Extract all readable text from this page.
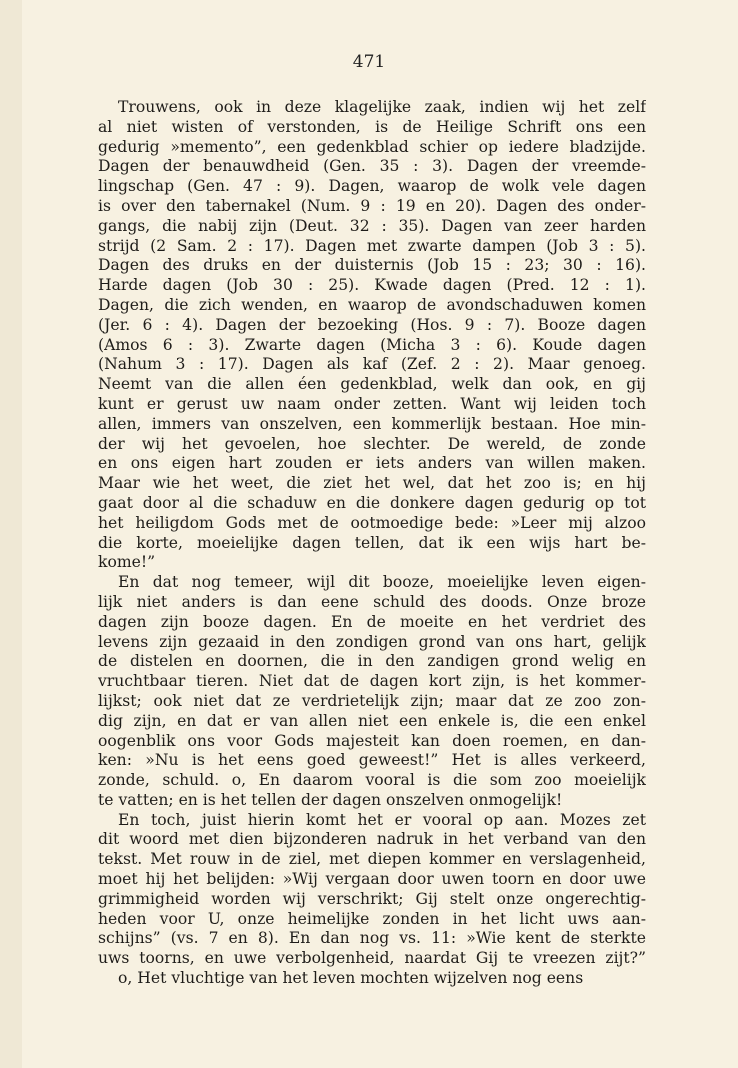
471
Trouwens, ook in deze klagelijke zaak, indien wij het zelf
al niet wisten of verstonden, is de Heilige Schrift ons een
gedurig »memento”, een gedenkblad schier op iedere bladzijde.
Dagen der benauwdheid (Gen. 35 : 3). Dagen der vreemde-
lingschap (Gen. 47 : 9). Dagen, waarop de wolk vele dagen
is over den tabernakel (Num. 9 : 19 en 20). Dagen des onder-
gangs, die nabij zijn (Deut. 32 : 35). Dagen van zeer harden
strijd (2 Sam. 2 : 17). Dagen met zwarte dampen (Job 3 : 5).
Dagen des druks en der duisternis (Job 15 : 23; 30 : 16).
Harde dagen (Job 30 : 25). Kwade dagen (Pred. 12 : 1).
Dagen, die zich wenden, en waarop de avondschaduwen komen
(Jer. 6 : 4). Dagen der bezoeking (Hos. 9 : 7). Booze dagen
(Amos 6 : 3). Zwarte dagen (Micha 3 : 6). Koude dagen
(Nahum 3 : 17). Dagen als kaf (Zef. 2 : 2). Maar genoeg.
Neemt van die allen éen gedenkblad, welk dan ook, en gij
kunt er gerust uw naam onder zetten. Want wij leiden toch
allen, immers van onszelven, een kommerlijk bestaan. Hoe min-
der wij het gevoelen, hoe slechter. De wereld, de zonde
en ons eigen hart zouden er iets anders van willen maken.
Maar wie het weet, die ziet het wel, dat het zoo is; en hij
gaat door al die schaduw en die donkere dagen gedurig op tot
het heiligdom Gods met de ootmoedige bede: »Leer mij alzoo
die korte, moeielijke dagen tellen, dat ik een wijs hart be-
kome!”
En dat nog temeer, wijl dit booze, moeielijke leven eigen-
lijk niet anders is dan eene schuld des doods. Onze broze
dagen zijn booze dagen. En de moeite en het verdriet des
levens zijn gezaaid in den zondigen grond van ons hart, gelijk
de distelen en doornen, die in den zandigen grond welig en
vruchtbaar tieren. Niet dat de dagen kort zijn, is het kommer-
lijkst; ook niet dat ze verdrietelijk zijn; maar dat ze zoo zon-
dig zijn, en dat er van allen niet een enkele is, die een enkel
oogenblik ons voor Gods majesteit kan doen roemen, en dan-
ken: »Nu is het eens goed geweest!” Het is alles verkeerd,
zonde, schuld. o, En daarom vooral is die som zoo moeielijk
te vatten; en is het tellen der dagen onszelven onmogelijk!
En toch, juist hierin komt het er vooral op aan. Mozes zet
dit woord met dien bijzonderen nadruk in het verband van den
tekst. Met rouw in de ziel, met diepen kommer en verslagenheid,
moet hij het belijden: »Wij vergaan door uwen toorn en door uwe
grimmigheid worden wij verschrikt; Gij stelt onze ongerechtig-
heden voor U, onze heimelijke zonden in het licht uws aan-
schijns” (vs. 7 en 8). En dan nog vs. 11: »Wie kent de sterkte
uws toorns, en uwe verbolgenheid, naardat Gij te vreezen zijt?”
o, Het vluchtige van het leven mochten wijzelven nog eens
